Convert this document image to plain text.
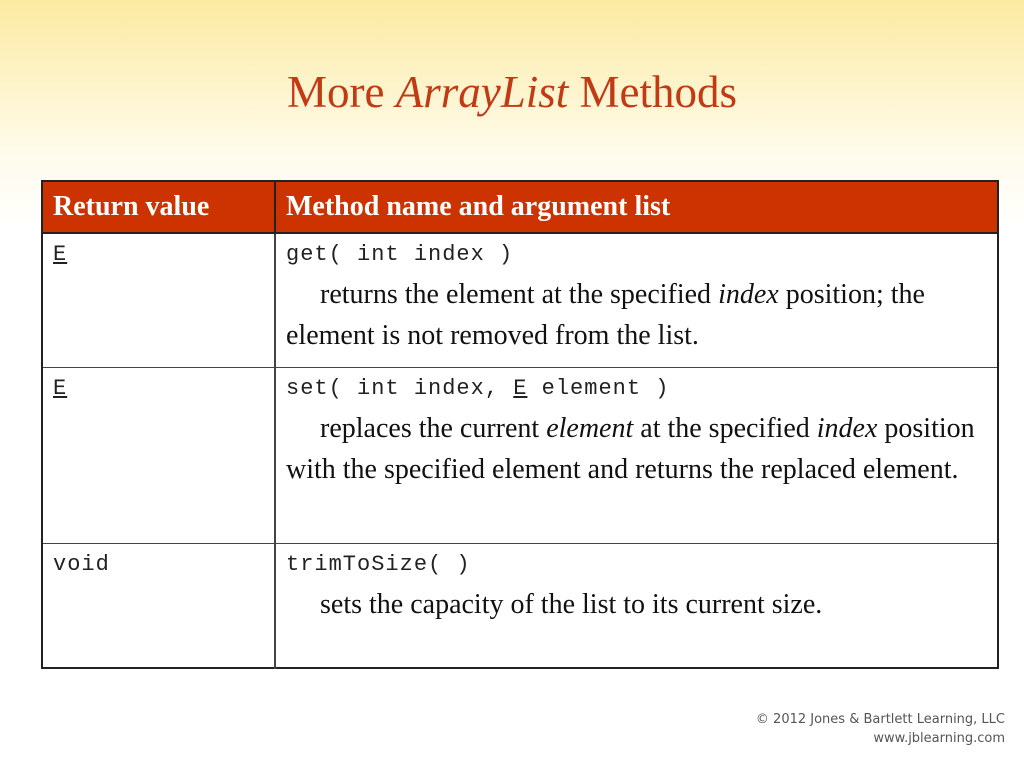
More ArrayList Methods
Return value	Method name and argument list
E	get( int index )
returns the element at the specified index position; the element is not removed from the list.

E	set( int index, E element )
replaces the current element at the specified index position with the specified element and returns the replaced element.

void	trimToSize( )
sets the capacity of the list to its current size.
© 2012 Jones & Bartlett Learning, LLC
www.jblearning.com
